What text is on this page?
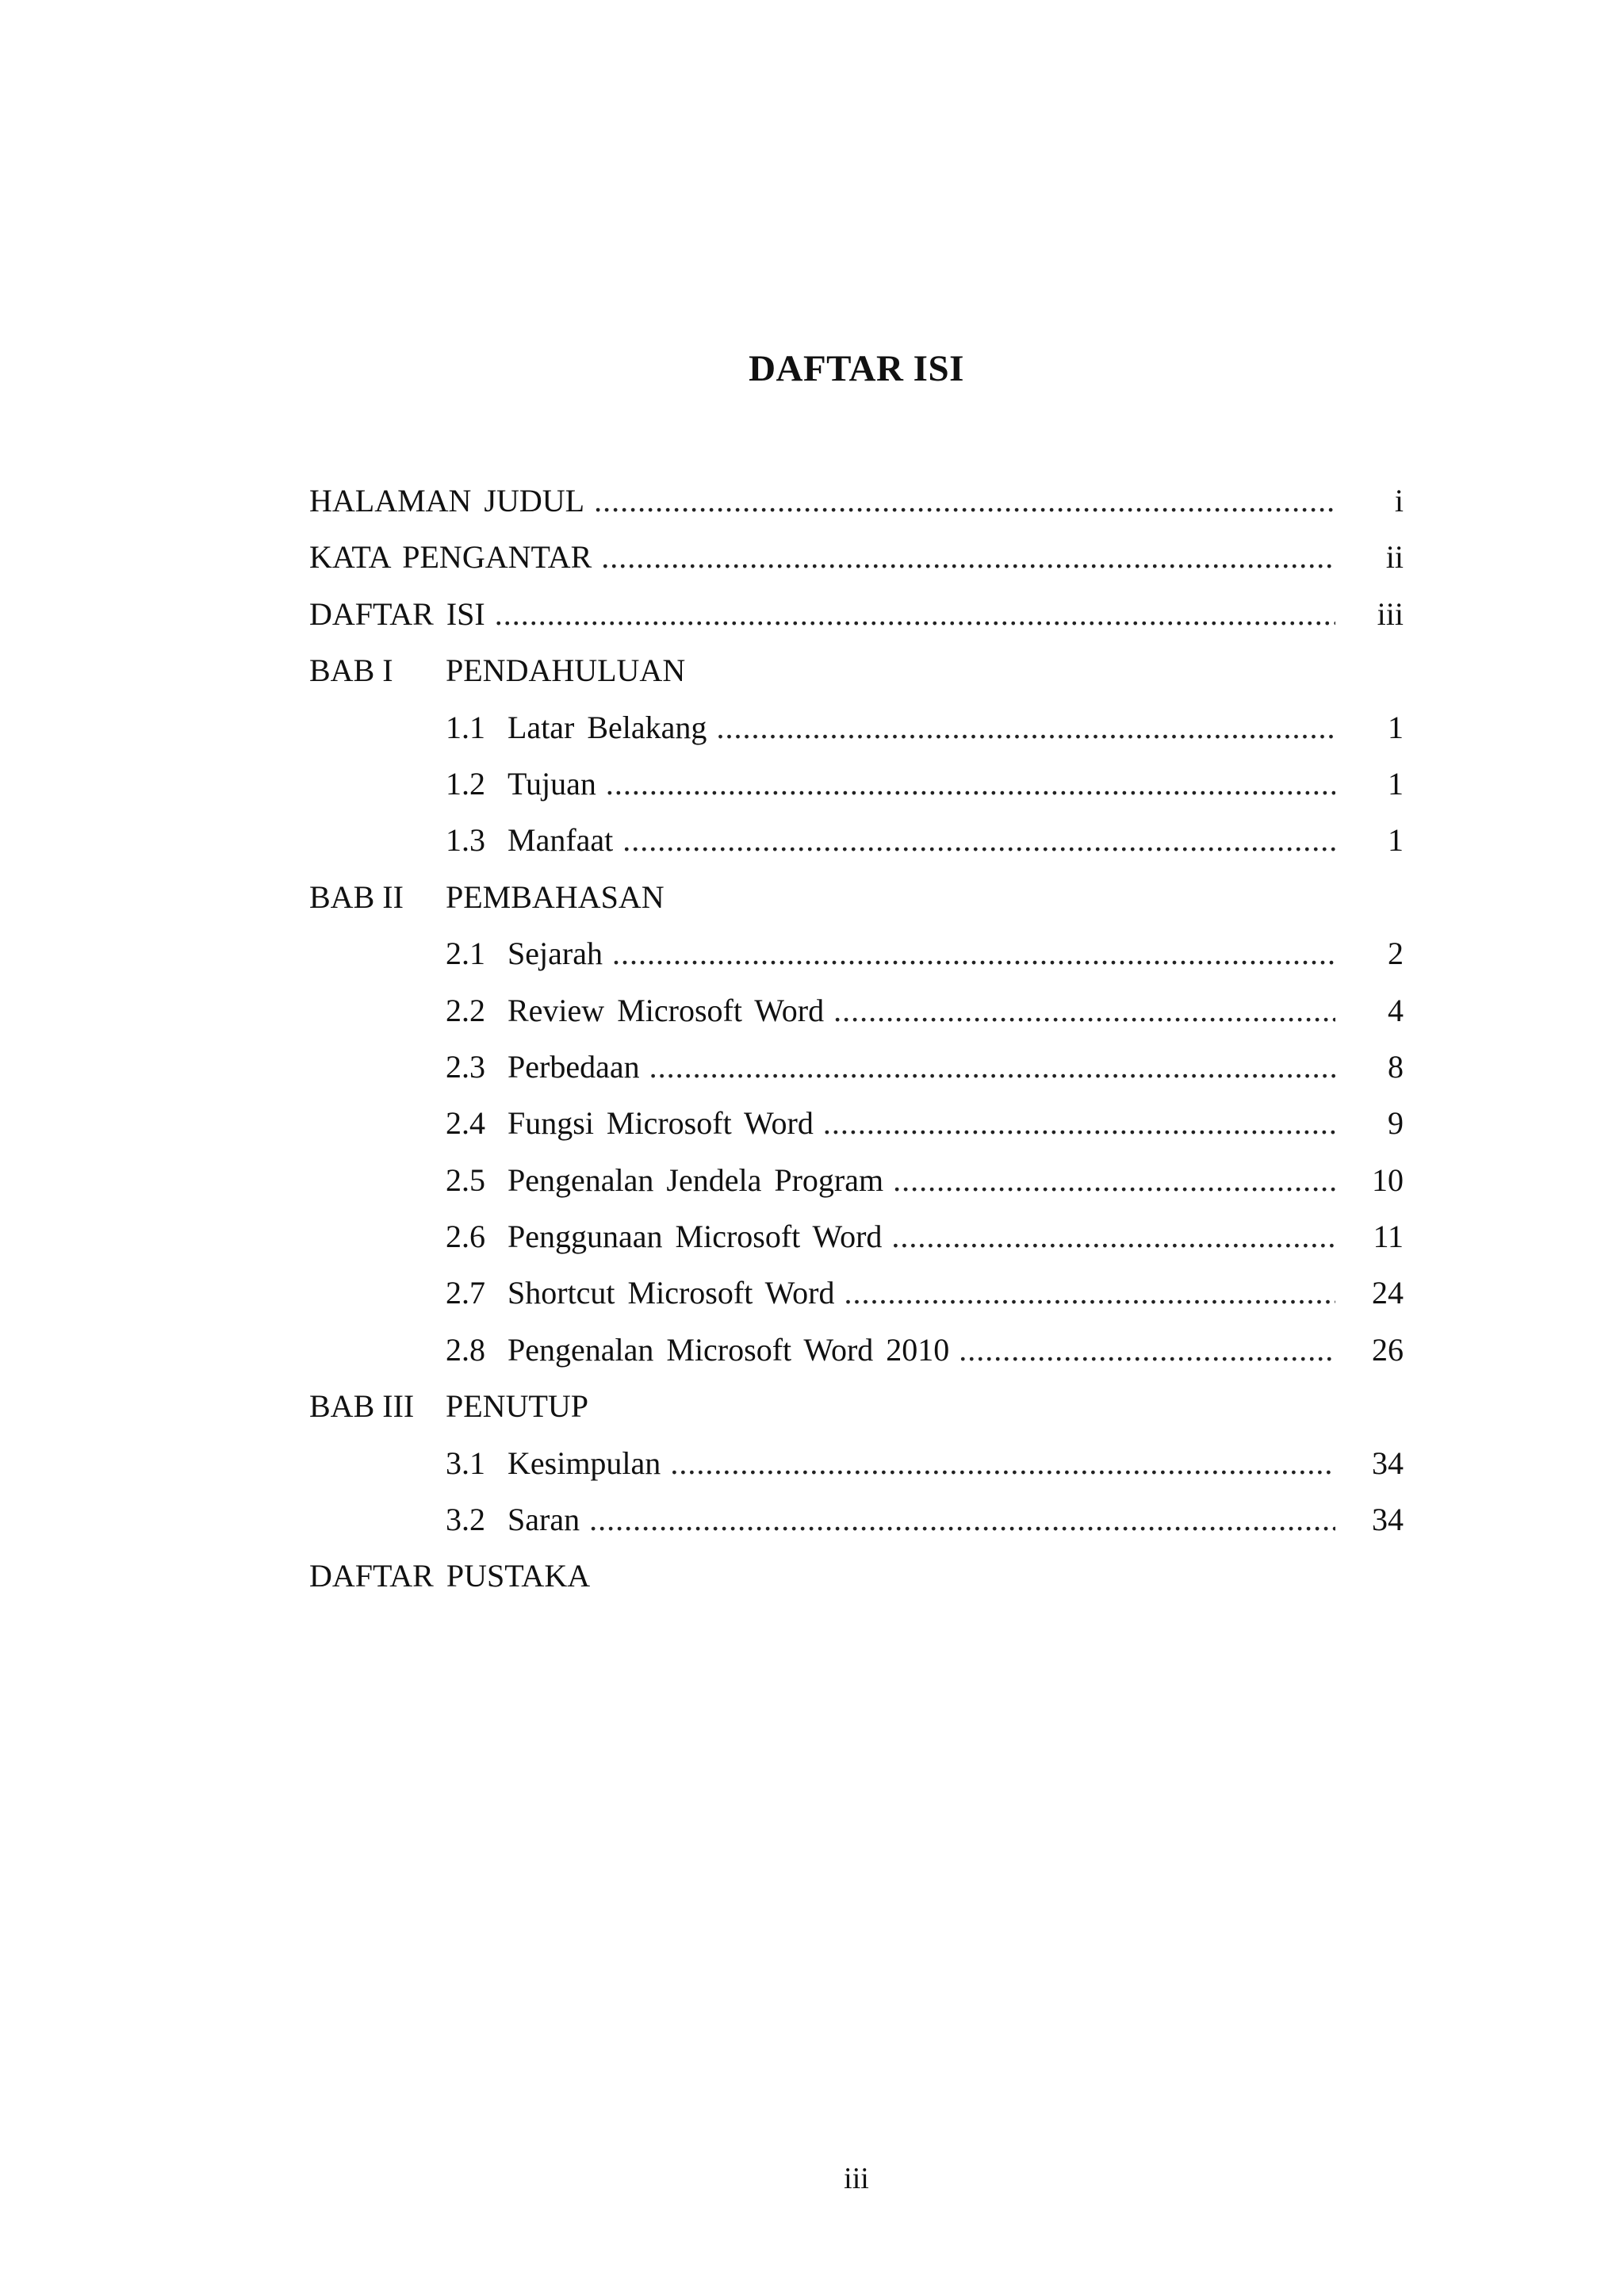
DAFTAR ISI
HALAMAN JUDUL .....	i
KATA PENGANTAR .....	ii
DAFTAR ISI .....	iii
BAB I	PENDAHULUAN
1.1 Latar Belakang .....	1
1.2 Tujuan .....	1
1.3 Manfaat .....	1
BAB II	PEMBAHASAN
2.1 Sejarah .....	2
2.2 Review Microsoft Word .....	4
2.3 Perbedaan .....	8
2.4 Fungsi Microsoft Word .....	9
2.5 Pengenalan Jendela Program .....	10
2.6 Penggunaan Microsoft Word .....	11
2.7 Shortcut Microsoft Word .....	24
2.8 Pengenalan Microsoft Word 2010 .....	26
BAB III PENUTUP
3.1 Kesimpulan .....	34
3.2 Saran .....	34
DAFTAR PUSTAKA
iii
